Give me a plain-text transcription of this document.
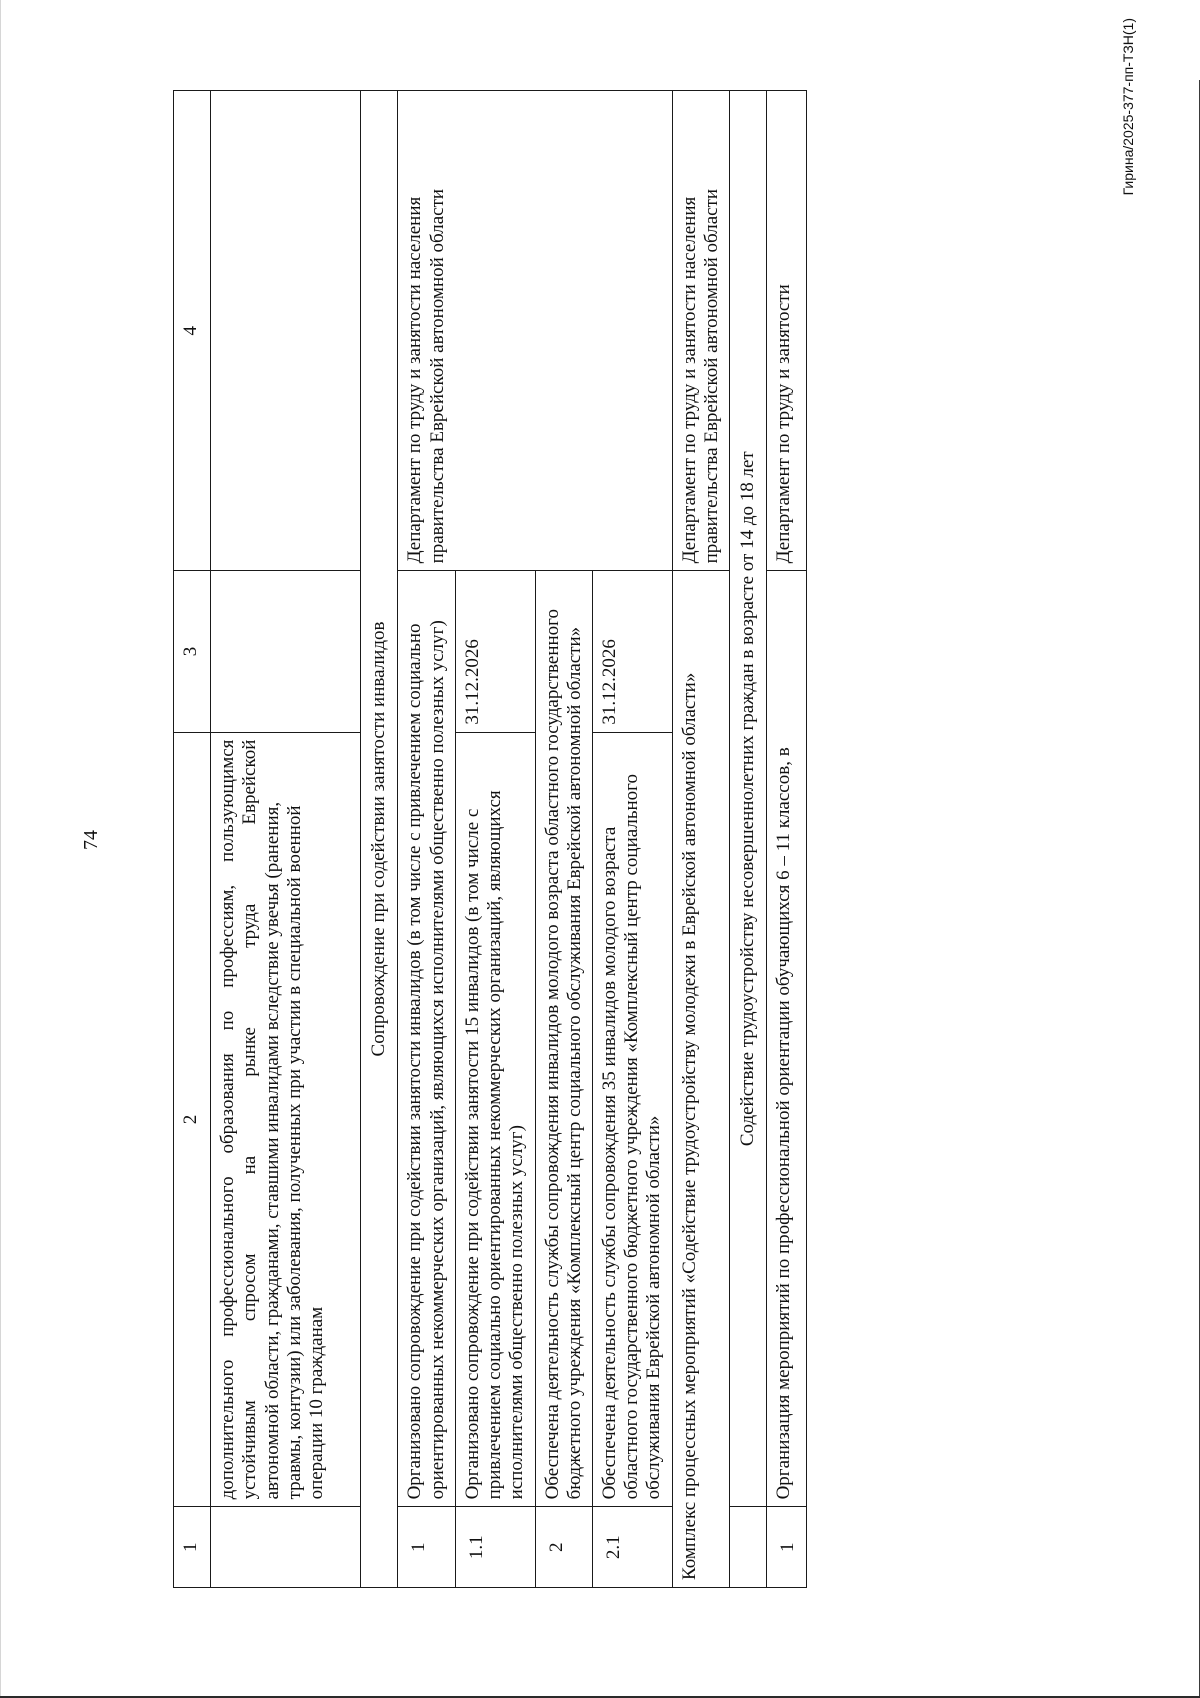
74
1	2	3	4

	дополнительного профессионального образования по профессиям, пользующимся устойчивым спросом на рынке труда Еврейской автономной области, гражданами, ставшими инвалидами вследствие увечья (ранения, травмы, контузии) или заболевания, полученных при участии в специальной военной операции 10 гражданам		

Сопровождение при содействии занятости инвалидов			
1	Организовано сопровождение при содействии занятости инвалидов (в том числе с привлечением социально ориентированных некоммерческих организаций, являющихся исполнителями общественно полезных услуг)		Департамент по труду и занятости населения правительства Еврейской автономной области
1.1	Организовано сопровождение при содействии занятости 15 инвалидов (в том числе с привлечением социально ориентированных некоммерческих организаций, являющихся исполнителями общественно полезных услуг)	31.12.2026	
2	Обеспечена деятельность службы сопровождения инвалидов молодого возраста областного государственного бюджетного учреждения «Комплексный центр социального обслуживания Еврейской автономной области»		
2.1	Обеспечена деятельность службы сопровождения 35 инвалидов молодого возраста областного государственного бюджетного учреждения «Комплексный центр социального обслуживания Еврейской автономной области»	31.12.2026	
Комплекс процессных мероприятий «Содействие трудоустройству молодежи в Еврейской автономной области»			Департамент по труду и занятости населения правительства Еврейской автономной области
	Содействие трудоустройству несовершеннолетних граждан в возрасте от 14 до 18 лет		
1	Организация мероприятий по профессиональной ориентации обучающихся 6 – 11 классов, в		Департамент по труду и занятости
Гирина/2025-377-пп-ТЗН(1)
